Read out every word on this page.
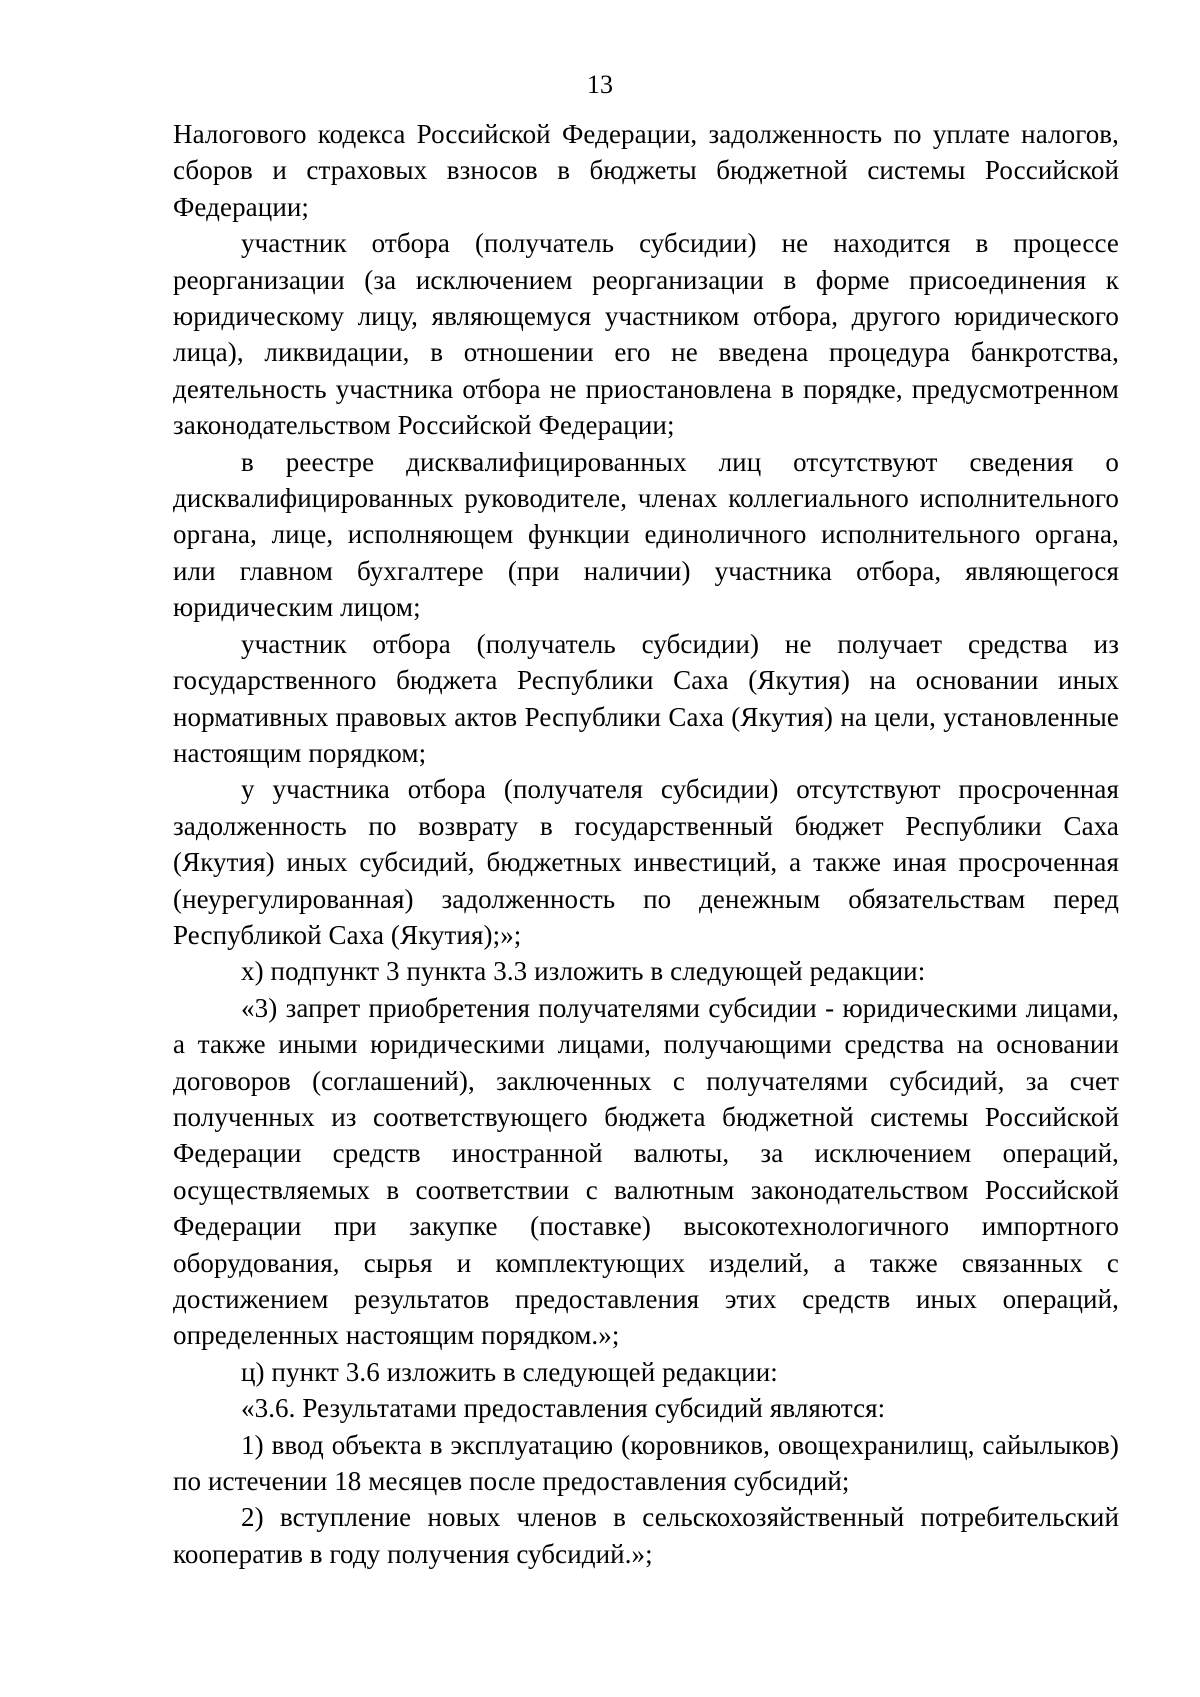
13

Налогового кодекса Российской Федерации, задолженность по уплате налогов, сборов и страховых взносов в бюджеты бюджетной системы Российской Федерации;

участник отбора (получатель субсидии) не находится в процессе реорганизации (за исключением реорганизации в форме присоединения к юридическому лицу, являющемуся участником отбора, другого юридического лица), ликвидации, в отношении его не введена процедура банкротства, деятельность участника отбора не приостановлена в порядке, предусмотренном законодательством Российской Федерации;

в реестре дисквалифицированных лиц отсутствуют сведения о дисквалифицированных руководителе, членах коллегиального исполнительного органа, лице, исполняющем функции единоличного исполнительного органа, или главном бухгалтере (при наличии) участника отбора, являющегося юридическим лицом;

участник отбора (получатель субсидии) не получает средства из государственного бюджета Республики Саха (Якутия) на основании иных нормативных правовых актов Республики Саха (Якутия) на цели, установленные настоящим порядком;

у участника отбора (получателя субсидии) отсутствуют просроченная задолженность по возврату в государственный бюджет Республики Саха (Якутия) иных субсидий, бюджетных инвестиций, а также иная просроченная (неурегулированная) задолженность по денежным обязательствам перед Республикой Саха (Якутия);»;

х) подпункт 3 пункта 3.3 изложить в следующей редакции:

«3) запрет приобретения получателями субсидии - юридическими лицами, а также иными юридическими лицами, получающими средства на основании договоров (соглашений), заключенных с получателями субсидий, за счет полученных из соответствующего бюджета бюджетной системы Российской Федерации средств иностранной валюты, за исключением операций, осуществляемых в соответствии с валютным законодательством Российской Федерации при закупке (поставке) высокотехнологичного импортного оборудования, сырья и комплектующих изделий, а также связанных с достижением результатов предоставления этих средств иных операций, определенных настоящим порядком.»;

ц) пункт 3.6 изложить в следующей редакции:

«3.6. Результатами предоставления субсидий являются:

1) ввод объекта в эксплуатацию (коровников, овощехранилищ, сайылыков) по истечении 18 месяцев после предоставления субсидий;

2) вступление новых членов в сельскохозяйственный потребительский кооператив в году получения субсидий.»;
